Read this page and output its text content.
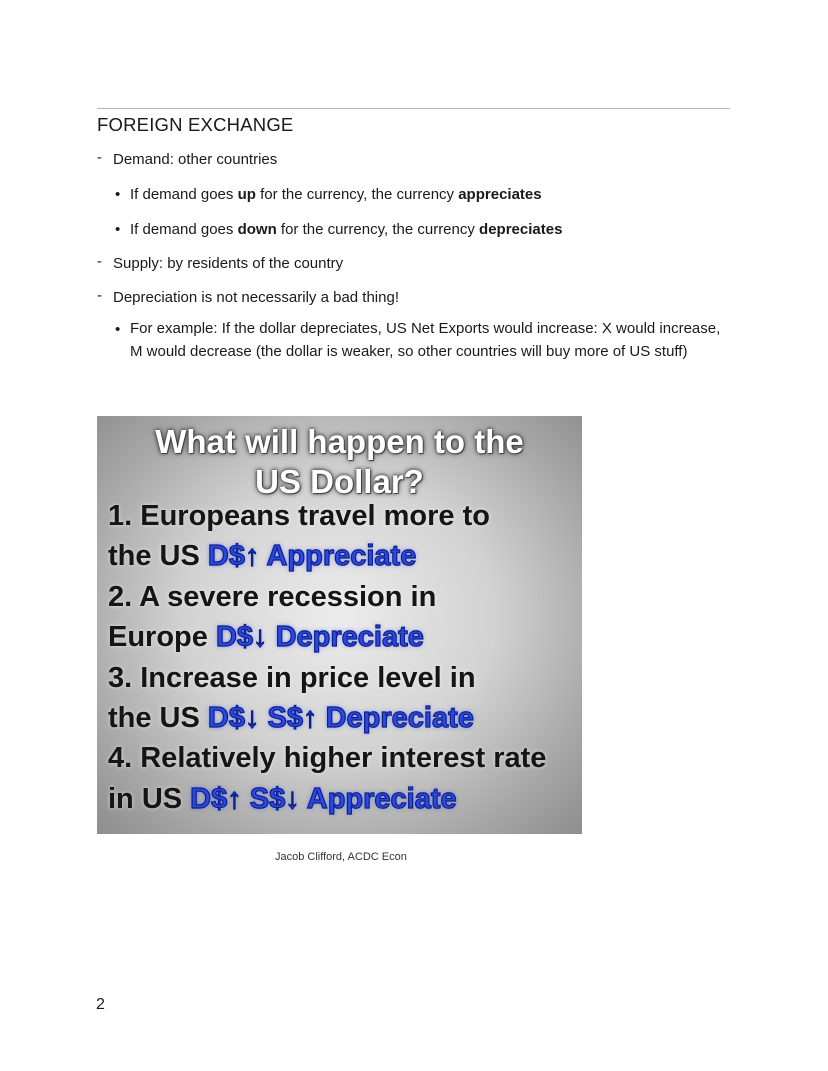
FOREIGN EXCHANGE
- Demand: other countries
• If demand goes up for the currency, the currency appreciates
• If demand goes down for the currency, the currency depreciates
- Supply: by residents of the country
- Depreciation is not necessarily a bad thing!
• For example: If the dollar depreciates, US Net Exports would increase: X would increase, M would decrease (the dollar is weaker, so other countries will buy more of US stuff)
What will happen to the
US Dollar?
1. Europeans travel more to
the US D$↑ Appreciate
2. A severe recession in
Europe D$↓ Depreciate
3. Increase in price level in
the US D$↓ S$↑ Depreciate
4. Relatively higher interest rate
in US D$↑ S$↓ Appreciate
Jacob Clifford, ACDC Econ
2
